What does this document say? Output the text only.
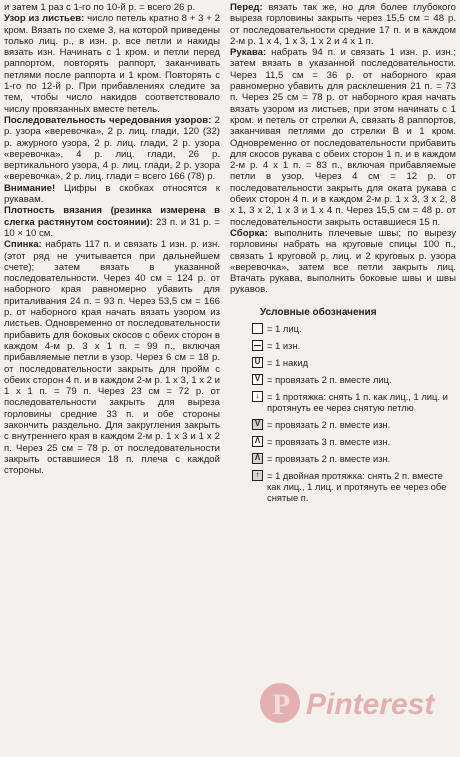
и затем 1 раз с 1-го по 10-й р. = всего 26 р.

Узор из листьев: число петель кратно 8 + 3 + 2 кром. Вязать по схеме 3, на которой приведены только лиц. р., в изн. р. все петли и накиды вязать изн. Начинать с 1 кром. и петли перед раппортом, повторять раппорт, заканчивать петлями после раппорта и 1 кром. Повторять с 1-го по 12-й р. При прибавлениях следите за тем, чтобы число накидов соответствовало числу провязанных вместе петель.

Последовательность чередования узоров: 2 р. узора «веревочка», 2 р. лиц. глади, 120 (32) р. ажурного узора, 2 р. лиц. глади, 2 р. узора «веревочка», 4 р. лиц. глади, 26 р. вертикального узора, 4 р. лиц. глади, 2 р. узора «веревочка», 2 р. лиц. глади = всего 166 (78) р.

Внимание! Цифры в скобках относятся к рукавам.

Плотность вязания (резинка измерена в слегка растянутом состоянии): 23 п. и 31 р. = 10 × 10 см.

Спинка: набрать 117 п. и связать 1 изн. р. изн. (этот ряд не учитывается при дальнейшем счете); затем вязать в указанной последовательности. Через 40 см = 124 р. от наборного края равномерно убавить для приталивания 24 п. = 93 п. Через 53,5 см = 166 р. от наборного края начать вязать узором из листьев. Одновременно от последовательности прибавить для боковых скосов с обеих сторон в каждом 4-м р. 3 х 1 п. = 99 п., включая прибавляемые петли в узор. Через 6 см = 18 р. от последовательности закрыть для пройм с обеих сторон 4 п. и в каждом 2-м р. 1 х 3, 1 х 2 и 1 х 1 п. = 79 п. Через 23 см = 72 р. от последовательности закрыть для выреза горловины средние 33 п. и обе стороны закончить раздельно. Для закругления закрыть с внутреннего края в каждом 2-м р. 1 х 3 и 1 х 2 п. Через 25 см = 78 р. от последовательности закрыть оставшиеся 18 п. плеча с каждой стороны.

Перед: вязать так же, но для более глубокого выреза горловины закрыть через 15,5 см = 48 р. от последовательности средние 17 п. и в каждом 2-м р. 1 х 4, 1 х 3, 1 х 2 и 4 х 1 п.

Рукава: набрать 94 п. и связать 1 изн. р. изн.; затем вязать в указанной последовательности. Через 11,5 см = 36 р. от наборного края равномерно убавить для расклешения 21 п. = 73 п. Через 25 см = 78 р. от наборного края начать вязать узором из листьев, при этом начинать с 1 кром. и петель от стрелки А, связать 8 раппортов, заканчивая петлями до стрелки В и 1 кром. Одновременно от последовательности прибавить для скосов рукава с обеих сторон 1 п. и в каждом 2-м р. 4 х 1 п. = 83 п., включая прибавляемые петли в узор. Через 4 см = 12 р. от последовательности закрыть для оката рукава с обеих сторон 4 п. и в каждом 2-м р. 1 х 3, 3 х 2, 8 х 1, 3 х 2, 1 х 3 и 1 х 4 п. Через 15,5 см = 48 р. от последовательности закрыть оставшиеся 15 п.

Сборка: выполнить плечевые швы; по вырезу горловины набрать на круговые спицы 100 п., связать 1 круговой р. лиц. и 2 круговых р. узора «веревочка», затем все петли закрыть лиц. Втачать рукава, выполнить боковые швы и швы рукавов.

Условные обозначения
= 1 лиц.
= 1 изн.
U = 1 накид
V = провязать 2 п. вместе лиц.
↓ = 1 протяжка: снять 1 п. как лиц., 1 лиц. и протянуть ее через снятую петлю
V = провязать 2 п. вместе изн.
Λ = провязать 3 п. вместе изн.
Λ = провязать 2 п. вместе изн.
↑ = 1 двойная протяжка: снять 2 п. вместе как лиц., 1 лиц. и протянуть ее через обе снятые п.
Pinterest
P
